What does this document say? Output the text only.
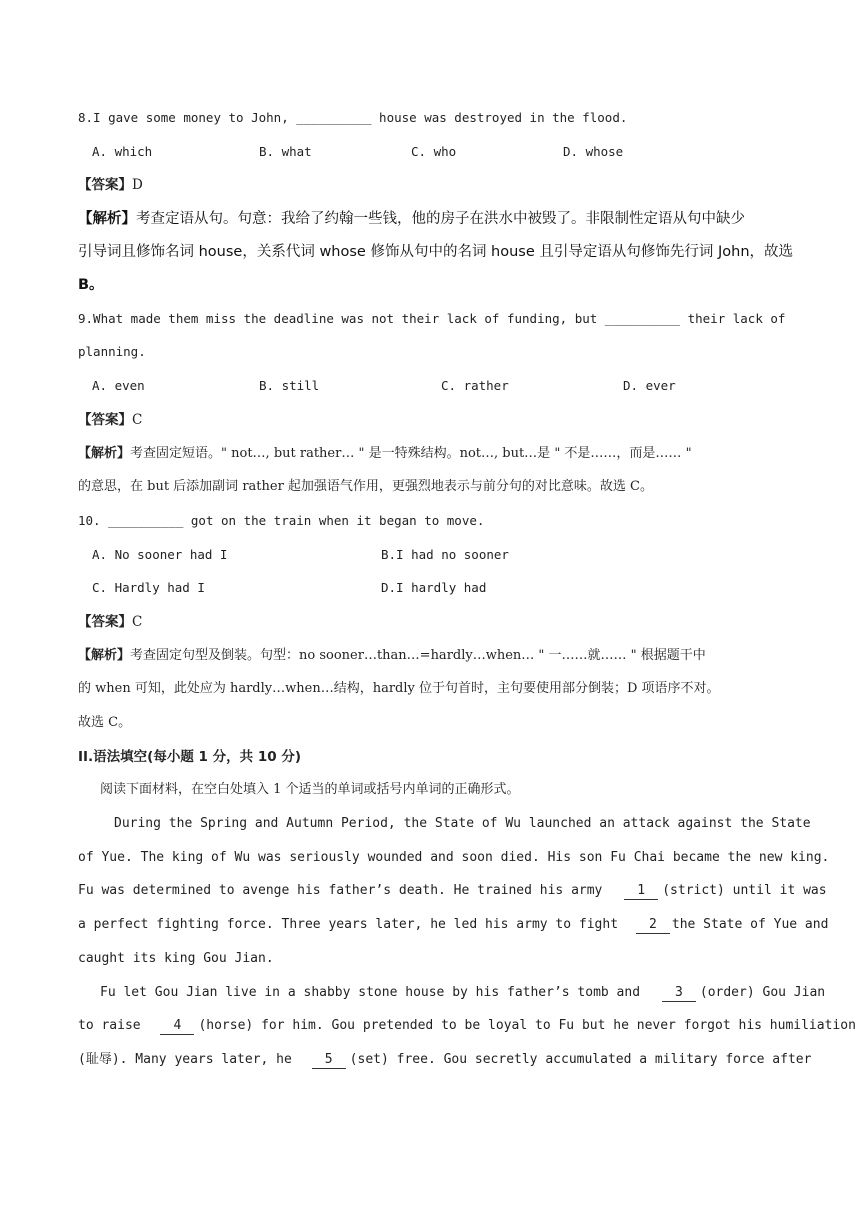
8.I gave some money to John, __________ house was destroyed in the flood.
A. which	B. what	C. who	D. whose
【答案】D
【解析】考查定语从句。句意：我给了约翰一些钱，他的房子在洪水中被毁了。非限制性定语从句中缺少
引导词且修饰名词 house，关系代词 whose 修饰从句中的名词 house 且引导定语从句修饰先行词 John，故选
B。
9.What made them miss the deadline was not their lack of funding, but __________ their lack of
planning.
A. even	B. still	C. rather	D. ever
【答案】C
【解析】考查固定短语。" not…, but rather… " 是一特殊结构。not…, but…是 " 不是……，而是…… "
的意思，在 but 后添加副词 rather 起加强语气作用，更强烈地表示与前分句的对比意味。故选 C。
10. __________ got on the train when it began to move.
A. No sooner had I	B.I had no sooner
C. Hardly had I	D.I hardly had
【答案】C
【解析】考查固定句型及倒装。句型：no sooner…than…=hardly…when… " 一……就…… " 根据题干中
的 when 可知，此处应为 hardly…when…结构，hardly 位于句首时，主句要使用部分倒装；D 项语序不对。
故选 C。
II.语法填空(每小题 1 分，共 10 分)
阅读下面材料，在空白处填入 1 个适当的单词或括号内单词的正确形式。
During the Spring and Autumn Period, the State of Wu launched an attack against the State
of Yue. The king of Wu was seriously wounded and soon died. His son Fu Chai became the new king.
Fu was determined to avenge his father’s death. He trained his army	1 (strict) until it was
a perfect fighting force. Three years later, he led his army to fight 2 the State of Yue and
caught its king Gou Jian.
Fu let Gou Jian live in a shabby stone house by his father’s tomb and	3 (order) Gou Jian
to raise	4 (horse) for him. Gou pretended to be loyal to Fu but he never forgot his humiliation
(耻辱). Many years later, he	5 (set) free. Gou secretly accumulated a military force after
